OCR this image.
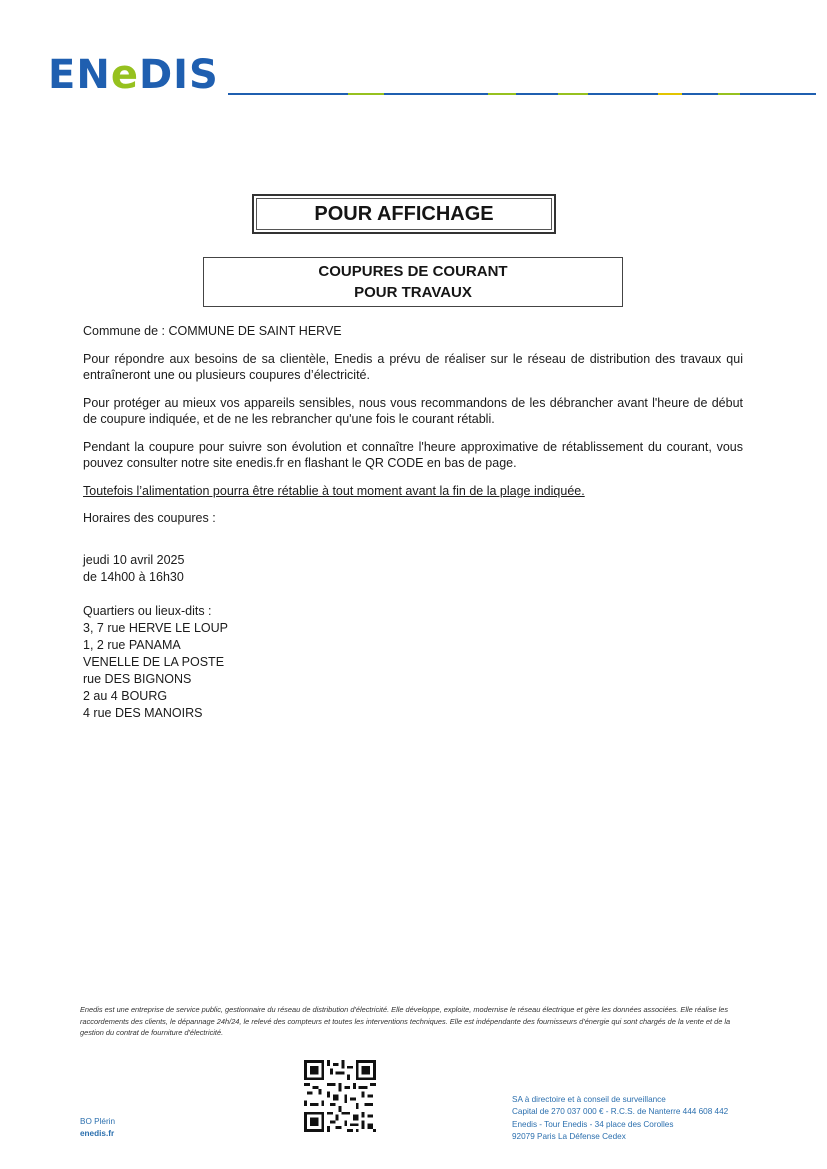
ENeDIS
POUR AFFICHAGE
COUPURES DE COURANT
POUR TRAVAUX

Commune de : COMMUNE DE SAINT HERVE

Pour répondre aux besoins de sa clientèle, Enedis a prévu de réaliser sur le réseau de distribution des travaux qui entraîneront une ou plusieurs coupures d’électricité.

Pour protéger au mieux vos appareils sensibles, nous vous recommandons de les débrancher avant l'heure de début de coupure indiquée, et de ne les rebrancher qu'une fois le courant rétabli.

Pendant la coupure pour suivre son évolution et connaître l'heure approximative de rétablissement du courant, vous pouvez consulter notre site enedis.fr en flashant le QR CODE en bas de page.

Toutefois l’alimentation pourra être rétablie à tout moment avant la fin de la plage indiquée.

Horaires des coupures :

jeudi 10 avril 2025
de 14h00 à 16h30
Quartiers ou lieux-dits :
3, 7 rue HERVE LE LOUP
1, 2 rue PANAMA
VENELLE DE LA POSTE
rue DES BIGNONS
2 au 4 BOURG
4 rue DES MANOIRS
Enedis est une entreprise de service public, gestionnaire du réseau de distribution d'électricité. Elle développe, exploite, modernise le réseau électrique et gère les données associées. Elle réalise les raccordements des clients, le dépannage 24h/24, le relevé des compteurs et toutes les interventions techniques. Elle est indépendante des fournisseurs d'énergie qui sont chargés de la vente et de la gestion du contrat de fourniture d'électricité.
BO Plérin
enedis.fr
SA à directoire et à conseil de surveillance
Capital de 270 037 000 € - R.C.S. de Nanterre 444 608 442
Enedis - Tour Enedis - 34 place des Corolles
92079 Paris La Défense Cedex
